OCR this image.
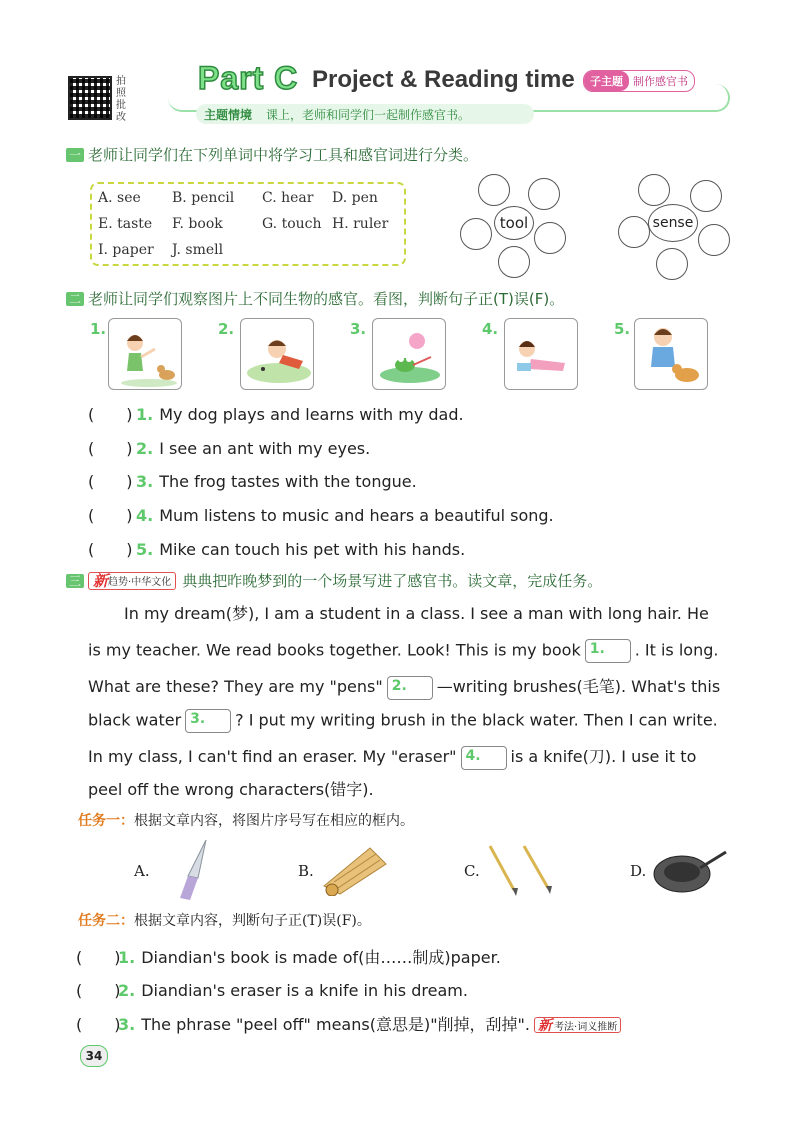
拍照批改
Part C Project & Reading time	子主题 制作感官书
主题情境 课上，老师和同学们一起制作感官书。
一 老师让同学们在下列单词中将学习工具和感官词进行分类。
A. see B. pencil C. hear D. pen
E. taste F. book	G. touch H. ruler
I. paper J. smell
tool	sense
二 老师让同学们观察图片上不同生物的感官。看图，判断句子正(T)误(F)。
1.	2.	3.	4.	5.
(　　) 1. My dog plays and learns with my dad.
(　　) 2. I see an ant with my eyes.
(　　) 3. The frog tastes with the tongue.
(　　) 4. Mum listens to music and hears a beautiful song.
(　　) 5. Mike can touch his pet with his hands.
三 新 趋势·中华文化 典典把昨晚梦到的一个场景写进了感官书。读文章，完成任务。
In my dream(梦), I am a student in a class. I see a man with long hair. He
is my teacher. We read books together. Look! This is my book 1. . It is long.
What are these? They are my "pens" 2. —writing brushes(毛笔). What's this
black water 3. ? I put my writing brush in the black water. Then I can write.
In my class, I can't find an eraser. My "eraser" 4. is a knife(刀). I use it to
peel off the wrong characters(错字).
任务一：根据文章内容，将图片序号写在相应的框内。
A.	B.	C.	D.
任务二：根据文章内容，判断句子正(T)误(F)。
(　　)
1. Diandian's book is made of(由……制成)paper.
(　　)
2. Diandian's eraser is a knife in his dream.
(　　)
3. The phrase "peel off" means(意思是)"削掉，刮掉". 新 考法·词义推断
34
